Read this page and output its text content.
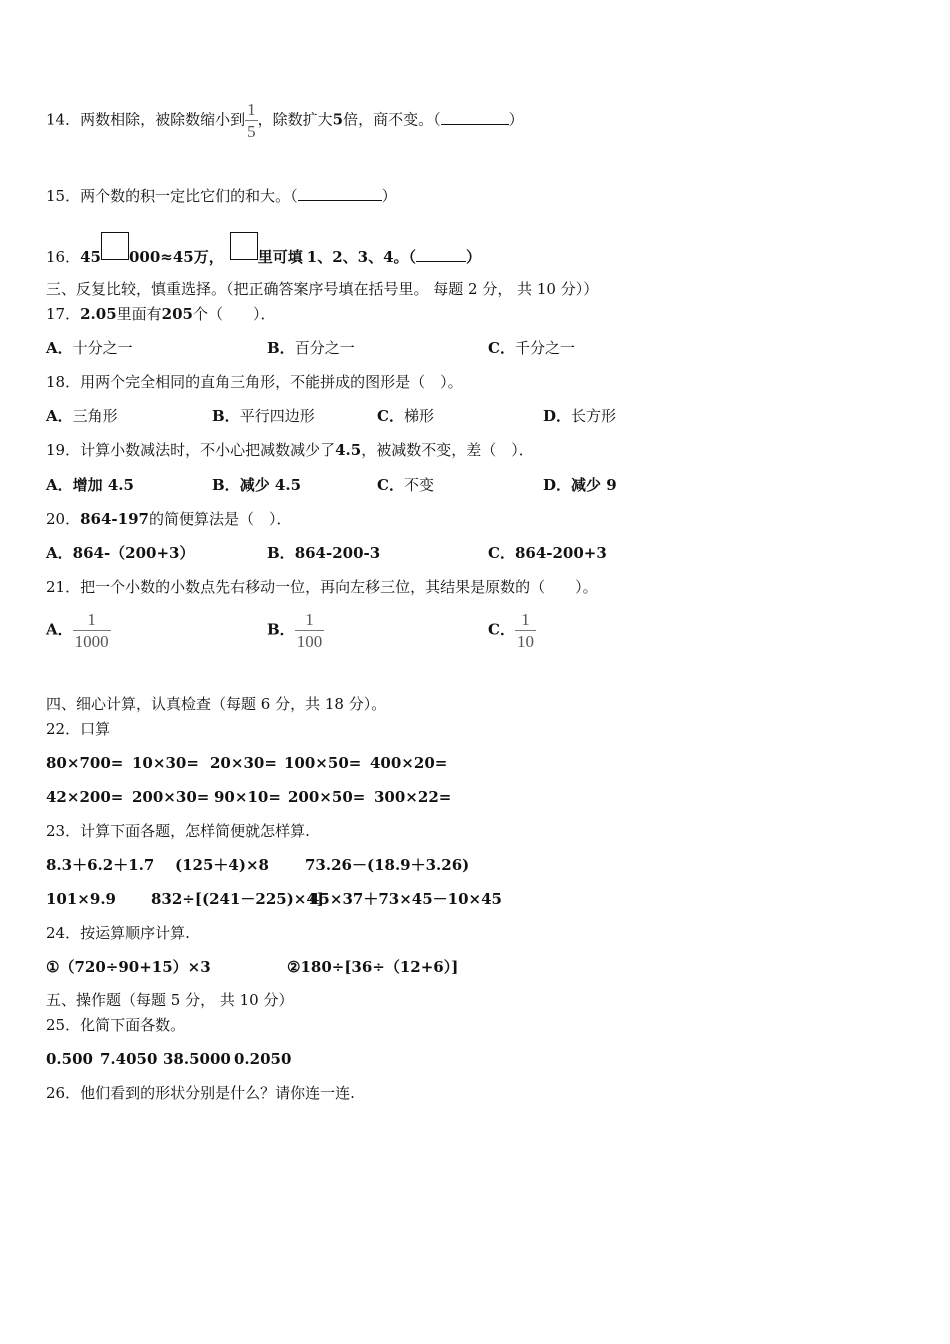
14．两数相除，被除数缩小到 $\frac{1}{5}$ ，除数扩大5倍，商不变。（	）
15．两个数的积一定比它们的和大。（	）
16．45 000≈45万， 里可填 1、2、3、4。（	）
三、反复比较，慎重选择。（把正确答案序号填在括号里。 每题 2 分， 共 10 分））
17．2.05里面有205个（　　）．
A．十分之一	B．百分之一	C．千分之一
18．用两个完全相同的直角三角形，不能拼成的图形是（　）。
A．三角形	B．平行四边形	C．梯形	D．长方形
19．计算小数减法时，不小心把减数减少了4.5，被减数不变，差（　）．
A．增加 4.5	B．减少 4.5	C．不变	D．减少 9
20．864-197的简便算法是（　）．
A．864-（200+3）	B．864-200-3	C．864-200+3
21．把一个小数的小数点先右移动一位，再向左移三位，其结果是原数的（　　）。
A． $\frac{1}{1000}$	B． $\frac{1}{100}$	C． $\frac{1}{10}$
四、细心计算，认真检查（每题 6 分，共 18 分）。
22．口算
80×700= 10×30= 20×30= 100×50= 400×20=
42×200= 200×30= 90×10= 200×50= 300×22=
23．计算下面各题，怎样简便就怎样算.
8.3＋6.2＋1.7 (125＋4)×8 73.26－(18.9＋3.26)
101×9.9 832÷[(241－225)×4]45×37＋73×45－10×45
24．按运算顺序计算.
①（720÷90+15）×3	②180÷[36÷（12+6）]
五、操作题（每题 5 分， 共 10 分）
25．化简下面各数。
0.500 7.4050 38.5000 0.2050
26．他们看到的形状分别是什么？请你连一连.
